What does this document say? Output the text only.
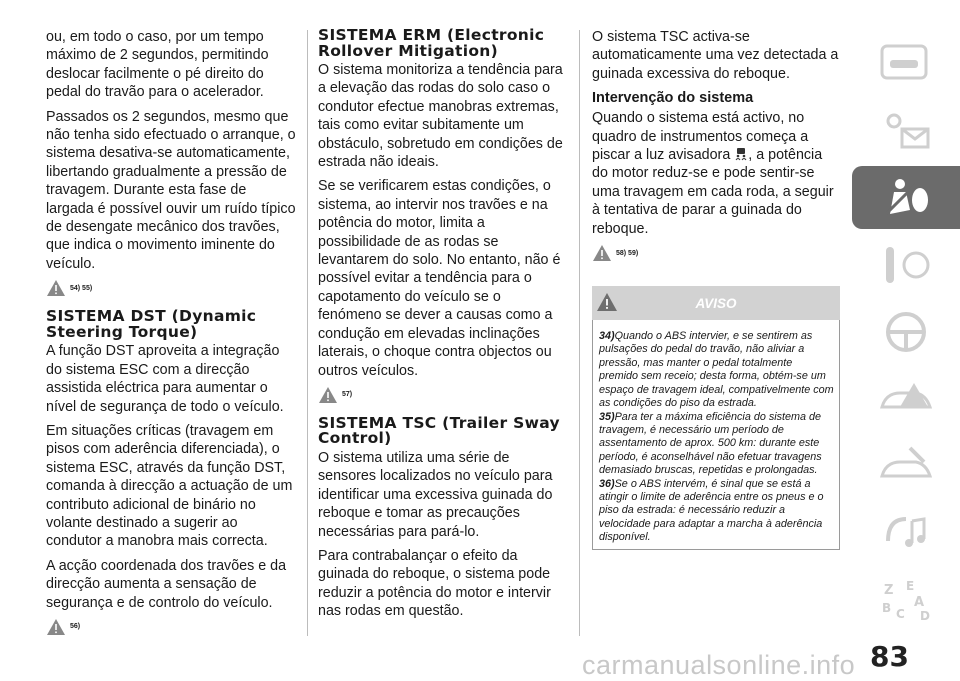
ou, em todo o caso, por um tempo máximo de 2 segundos, permitindo deslocar facilmente o pé direito do pedal do travão para o acelerador.

Passados os 2 segundos, mesmo que não tenha sido efectuado o arranque, o sistema desativa-se automaticamente, libertando gradualmente a pressão de travagem. Durante esta fase de largada é possível ouvir um ruído típico de desengate mecânico dos travões, que indica o movimento iminente do veículo.

54) 55)
SISTEMA DST (Dynamic Steering Torque)

A função DST aproveita a integração do sistema ESC com a direcção assistida eléctrica para aumentar o nível de segurança de todo o veículo.

Em situações críticas (travagem em pisos com aderência diferenciada), o sistema ESC, através da função DST, comanda à direcção a actuação de um contributo adicional de binário no volante destinado a sugerir ao condutor a manobra mais correcta.

A acção coordenada dos travões e da direcção aumenta a sensação de segurança e de controlo do veículo.

56)
SISTEMA ERM (Electronic Rollover Mitigation)

O sistema monitoriza a tendência para a elevação das rodas do solo caso o condutor efectue manobras extremas, tais como evitar subitamente um obstáculo, sobretudo em condições de estrada não ideais.

Se se verificarem estas condições, o sistema, ao intervir nos travões e na potência do motor, limita a possibilidade de as rodas se levantarem do solo. No entanto, não é possível evitar a tendência para o capotamento do veículo se o fenómeno se dever a causas como a condução em elevadas inclinações laterais, o choque contra objectos ou outros veículos.

57)
SISTEMA TSC (Trailer Sway Control)

O sistema utiliza uma série de sensores localizados no veículo para identificar uma excessiva guinada do reboque e tomar as precauções necessárias para pará-lo.

Para contrabalançar o efeito da guinada do reboque, o sistema pode reduzir a potência do motor e intervir nas rodas em questão.

O sistema TSC activa-se automaticamente uma vez detectada a guinada excessiva do reboque.

Intervenção do sistema

Quando o sistema está activo, no quadro de instrumentos começa a piscar a luz avisadora , a potência do motor reduz-se e pode sentir-se uma travagem em cada roda, a seguir à tentativa de parar a guinada do reboque.

58) 59)
AVISO

34)Quando o ABS intervier, e se sentirem as pulsações do pedal do travão, não aliviar a pressão, mas manter o pedal totalmente premido sem receio; desta forma, obtém-se um espaço de travagem ideal, compativelmente com as condições do piso da estrada.

35)Para ter a máxima eficiência do sistema de travagem, é necessário um período de assentamento de aprox. 500 km: durante este período, é aconselhável não efetuar travagens demasiado bruscas, repetidas e prolongadas.

36)Se o ABS intervém, é sinal que se está a atingir o limite de aderência entre os pneus e o piso da estrada: é necessário reduzir a velocidade para adaptar a marcha à aderência disponível.

Z E
A
B C D
83
carmanualsonline.info
